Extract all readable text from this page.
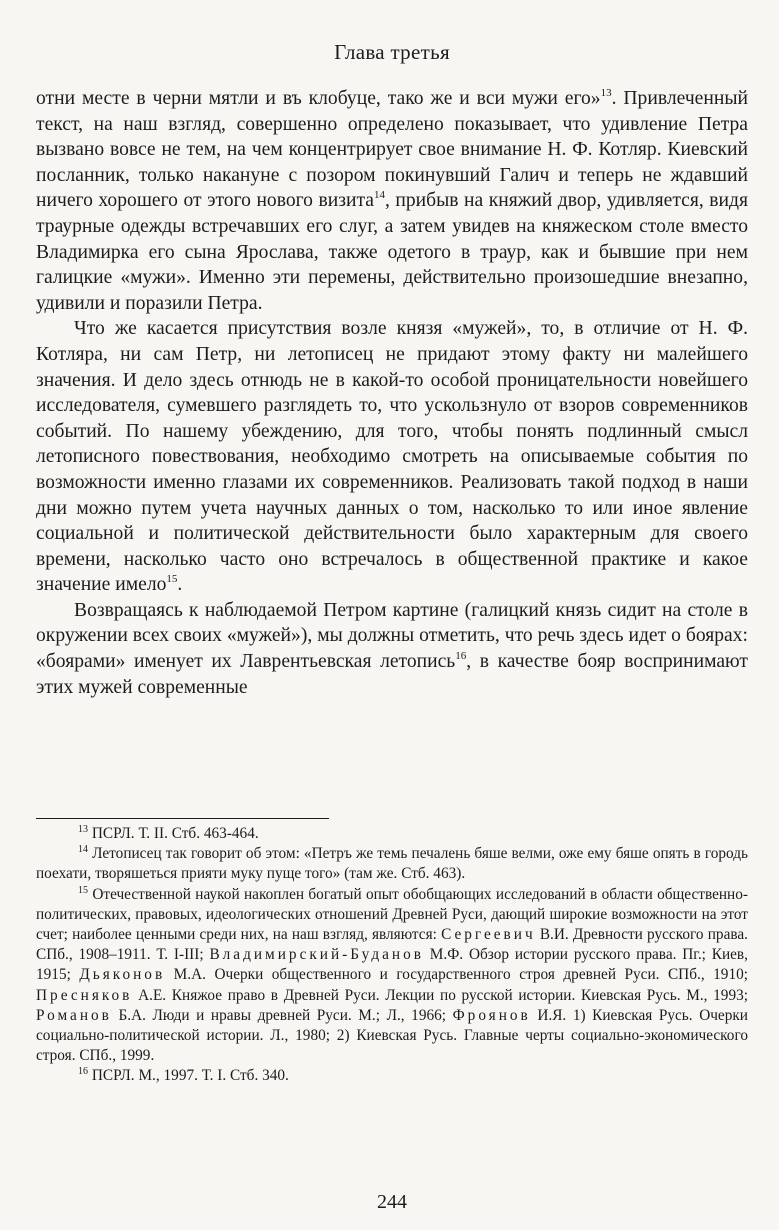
Глава третья

отни месте в черни мятли и въ клобуце, тако же и вси мужи его»$^{13}$. Привлеченный текст, на наш взгляд, совершенно определено показывает, что удивление Петра вызвано вовсе не тем, на чем концентрирует свое внимание Н. Ф. Котляр. Киевский посланник, только накануне с позором покинувший Галич и теперь не ждавший ничего хорошего от этого нового визита$^{14}$, прибыв на княжий двор, удивляется, видя траурные одежды встречавших его слуг, а затем увидев на княжеском столе вместо Владимирка его сына Ярослава, также одетого в траур, как и бывшие при нем галицкие «мужи». Именно эти перемены, действительно произошедшие внезапно, удивили и поразили Петра.

Что же касается присутствия возле князя «мужей», то, в отличие от Н. Ф. Котляра, ни сам Петр, ни летописец не придают этому факту ни малейшего значения. И дело здесь отнюдь не в какой-то особой проницательности новейшего исследователя, сумевшего разглядеть то, что ускользнуло от взоров современников событий. По нашему убеждению, для того, чтобы понять подлинный смысл летописного повествования, необходимо смотреть на описываемые события по возможности именно глазами их современников. Реализовать такой подход в наши дни можно путем учета научных данных о том, насколько то или иное явление социальной и политической действительности было характерным для своего времени, насколько часто оно встречалось в общественной практике и какое значение имело$^{15}$.

Возвращаясь к наблюдаемой Петром картине (галицкий князь сидит на столе в окружении всех своих «мужей»), мы должны отметить, что речь здесь идет о боярах: «боярами» именует их Лаврентьевская летопись$^{16}$, в качестве бояр воспринимают этих мужей современные

$^{13}$ ПСРЛ. Т. II. Стб. 463-464.

$^{14}$ Летописец так говорит об этом: «Петръ же темь печалень бяше велми, оже ему бяше опять в городь поехати, творяшеться прияти муку пуще того» (там же. Стб. 463).

$^{15}$ Отечественной наукой накоплен богатый опыт обобщающих исследований в области общественно-политических, правовых, идеологических отношений Древней Руси, дающий широкие возможности на этот счет; наиболее ценными среди них, на наш взгляд, являются: Сергеевич В.И. Древности русского права. СПб., 1908–1911. Т. I-III; Владимирский-Буданов М.Ф. Обзор истории русского права. Пг.; Киев, 1915; Дьяконов М.А. Очерки общественного и государственного строя древней Руси. СПб., 1910; Пресняков А.Е. Княжое право в Древней Руси. Лекции по русской истории. Киевская Русь. М., 1993; Романов Б.А. Люди и нравы древней Руси. М.; Л., 1966; Фроянов И.Я. 1) Киевская Русь. Очерки социально-политической истории. Л., 1980; 2) Киевская Русь. Главные черты социально-экономического строя. СПб., 1999.

$^{16}$ ПСРЛ. М., 1997. Т. I. Стб. 340.

244
